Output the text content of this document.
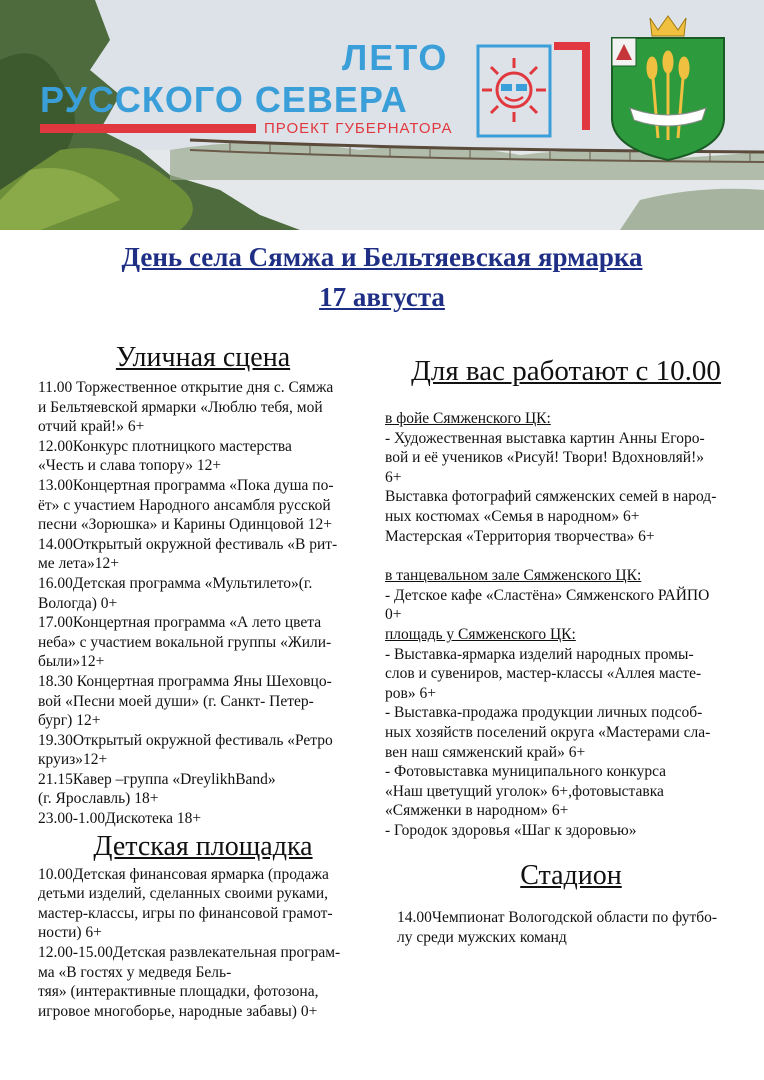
ЛЕТО
РУССКОГО СЕВЕРА
ПРОЕКТ ГУБЕРНАТОРА
День села Сямжа и Бельтяевская ярмарка
17 августа
Уличная сцена
11.00 Торжественное открытие дня с. Сямжа
и Бельтяевской ярмарки «Люблю тебя, мой
отчий край!» 6+
12.00Конкурс плотницкого мастерства
«Честь и слава топору» 12+
13.00Концертная программа «Пока душа по-
ёт» с участием Народного ансамбля русской
песни «Зорюшка» и Карины Одинцовой 12+
14.00Открытый окружной фестиваль «В рит-
ме лета»12+
16.00Детская программа «Мультилето»(г.
Вологда) 0+
17.00Концертная программа «А лето цвета
неба» с участием вокальной группы «Жили-
были»12+
18.30 Концертная программа Яны Шеховцо-
вой «Песни моей души» (г. Санкт- Петер-
бург) 12+
19.30Открытый окружной фестиваль «Ретро
круиз»12+
21.15Кавер –группа «DreylikhBand»
(г. Ярославль) 18+
23.00-1.00Дискотека 18+
Детская площадка
10.00Детская финансовая ярмарка (продажа
детьми изделий, сделанных своими руками,
мастер-классы, игры по финансовой грамот-
ности) 6+
12.00-15.00Детская развлекательная програм-
ма «В гостях у медведя Бель-
тяя» (интерактивные площадки, фотозона,
игровое многоборье, народные забавы) 0+
Для вас работают с 10.00
в фойе Сямженского ЦК:
- Художественная выставка картин Анны Егоро-
вой и её учеников «Рисуй! Твори! Вдохновляй!»
6+
Выставка фотографий сямженских семей в народ-
ных костюмах «Семья в народном» 6+
Мастерская «Территория творчества» 6+
в танцевальном зале Сямженского ЦК:
- Детское кафе «Сластёна» Сямженского РАЙПО
0+
площадь у Сямженского ЦК:
- Выставка-ярмарка изделий народных промы-
слов и сувениров, мастер-классы «Аллея масте-
ров» 6+
- Выставка-продажа продукции личных подсоб-
ных хозяйств поселений округа «Мастерами сла-
вен наш сямженский край» 6+
- Фотовыставка муниципального конкурса
«Наш цветущий уголок» 6+,фотовыставка
«Сямженки в народном» 6+
- Городок здоровья «Шаг к здоровью»
Стадион
14.00Чемпионат Вологодской области по футбо-
лу среди мужских команд
